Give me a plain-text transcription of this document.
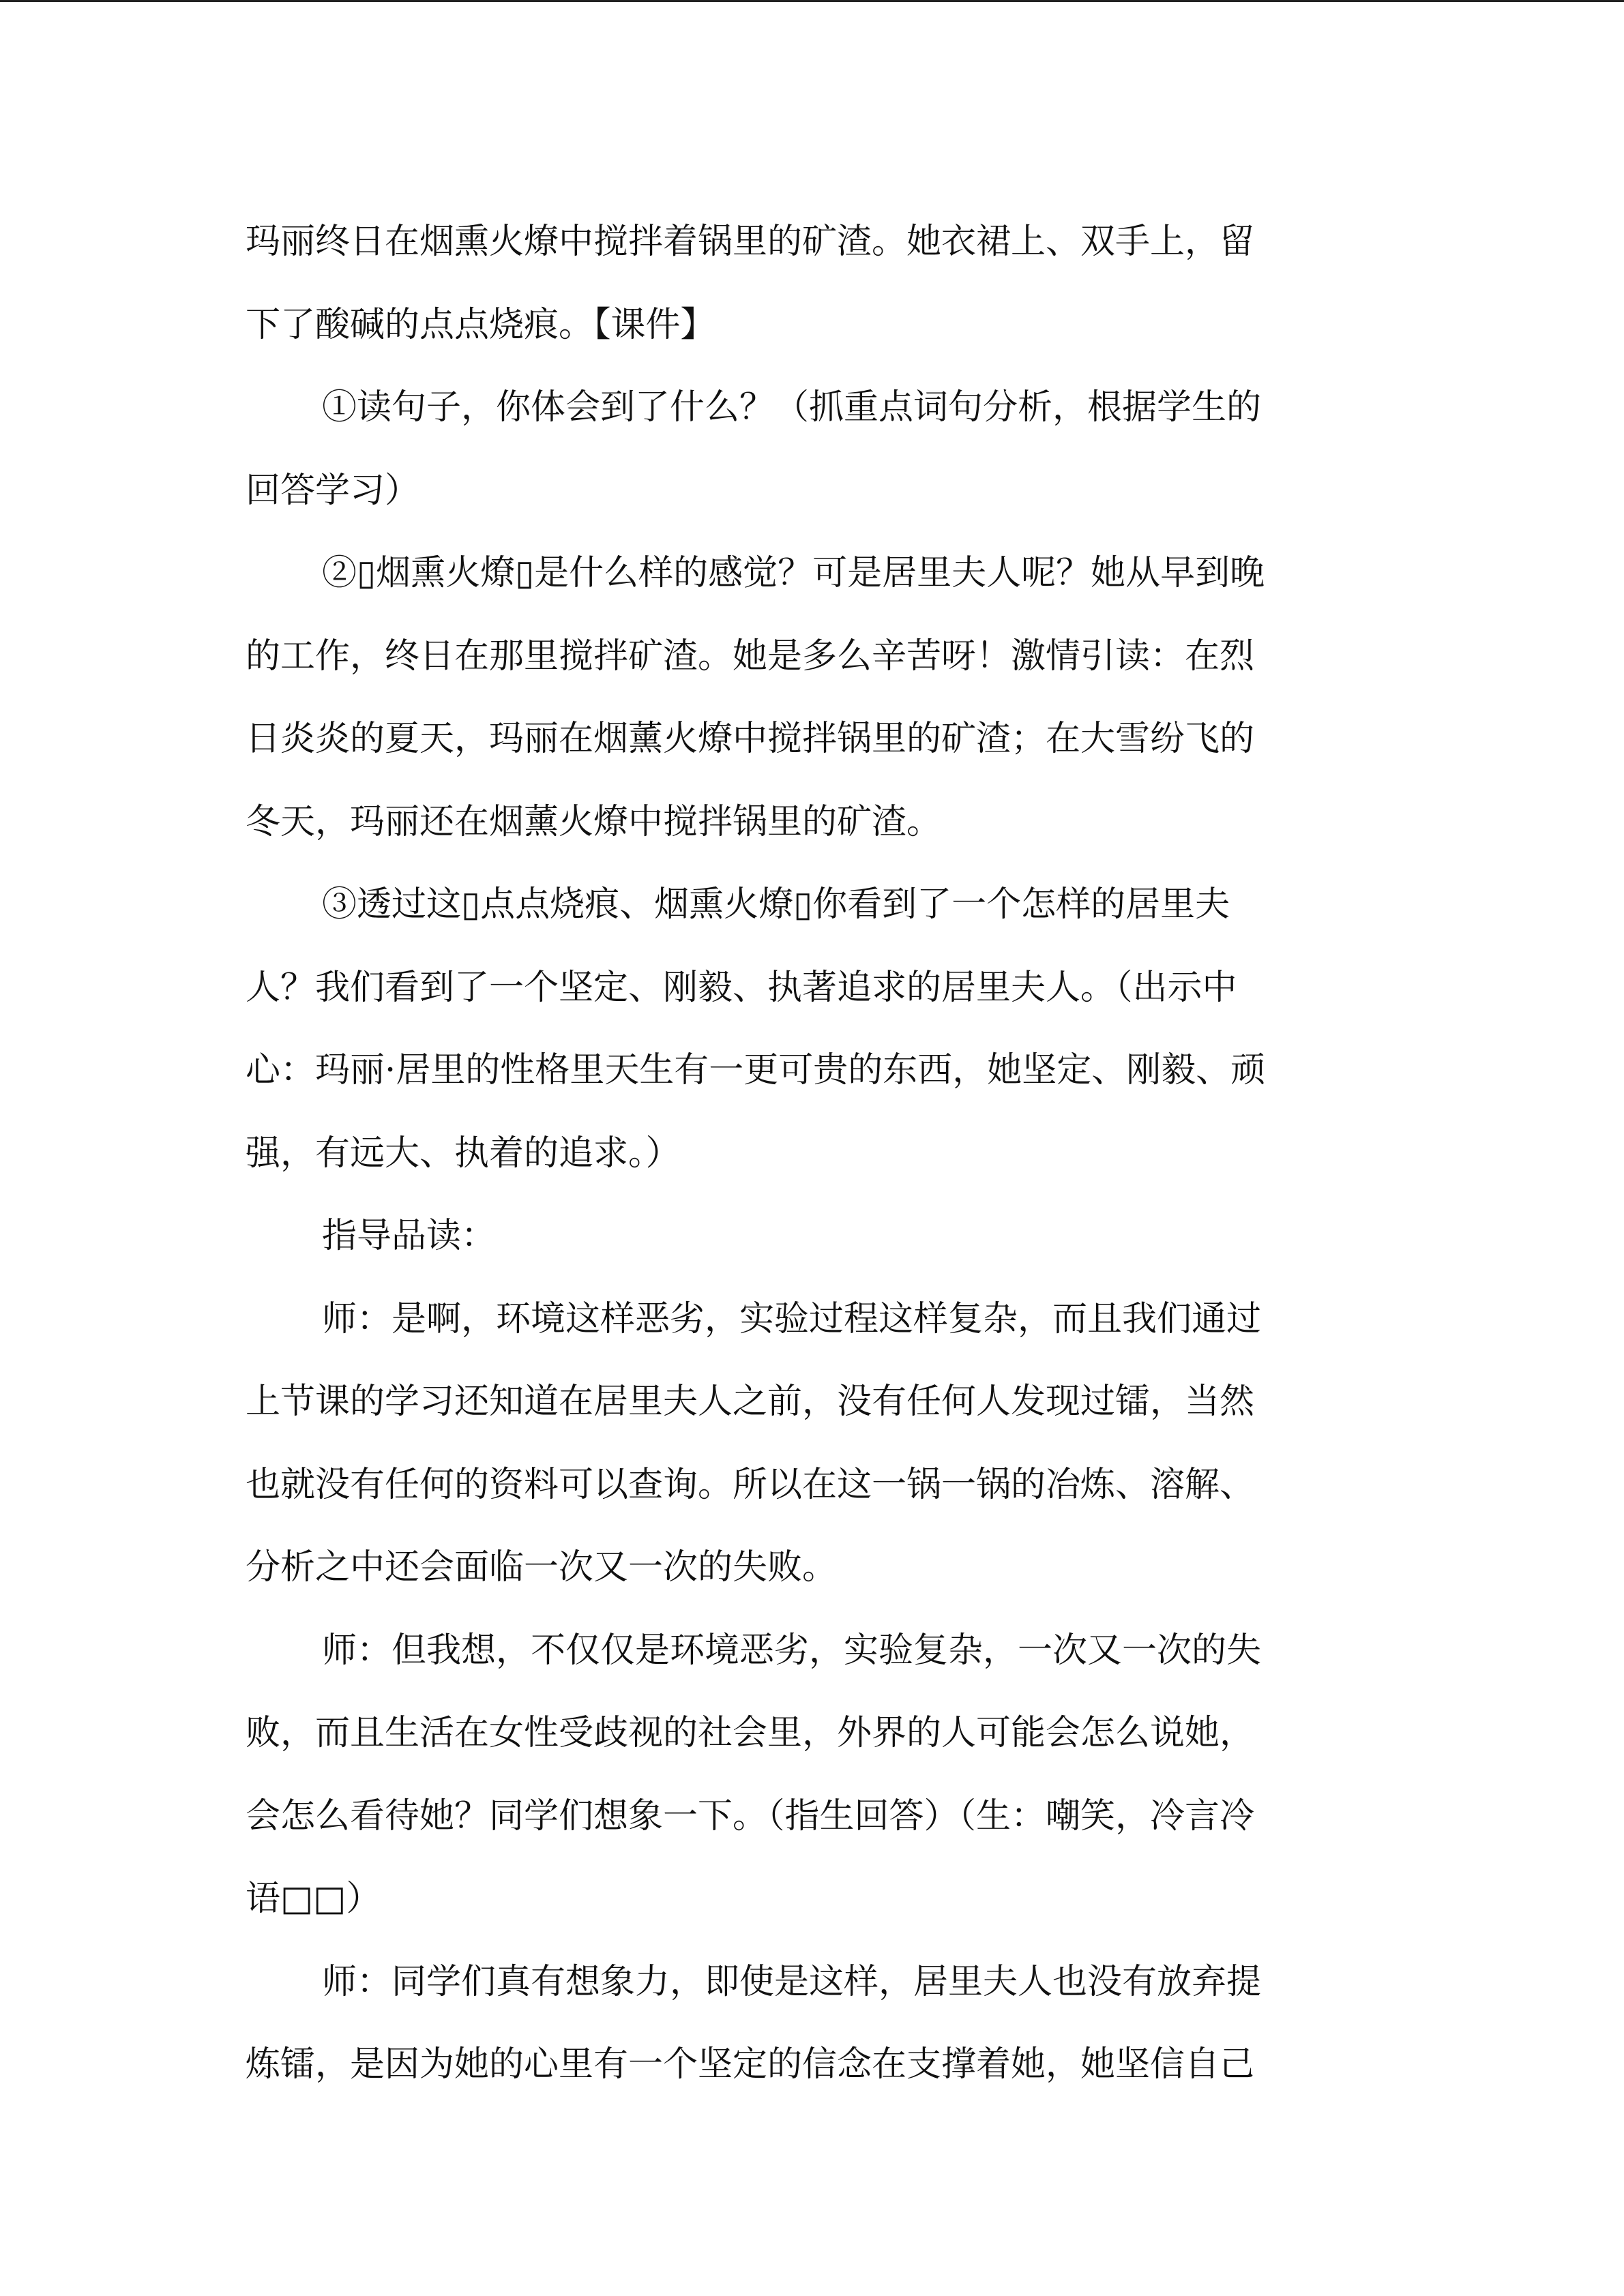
玛丽终日在烟熏火燎中搅拌着锅里的矿渣。她衣裙上、双手上，留
下了酸碱的点点烧痕。【课件】
①读句子，你体会到了什么？（抓重点词句分析，根据学生的
回答学习）
②▯烟熏火燎▯是什么样的感觉？可是居里夫人呢？她从早到晚
的工作，终日在那里搅拌矿渣。她是多么辛苦呀！激情引读：在烈
日炎炎的夏天，玛丽在烟薰火燎中搅拌锅里的矿渣；在大雪纷飞的
冬天，玛丽还在烟薰火燎中搅拌锅里的矿渣。
③透过这▯点点烧痕、烟熏火燎▯你看到了一个怎样的居里夫
人？我们看到了一个坚定、刚毅、执著追求的居里夫人。（出示中
心：玛丽·居里的性格里天生有一更可贵的东西，她坚定、刚毅、顽
强，有远大、执着的追求。）
指导品读：
师：是啊，环境这样恶劣，实验过程这样复杂，而且我们通过
上节课的学习还知道在居里夫人之前，没有任何人发现过镭，当然
也就没有任何的资料可以查询。所以在这一锅一锅的冶炼、溶解、
分析之中还会面临一次又一次的失败。
师：但我想，不仅仅是环境恶劣，实验复杂，一次又一次的失
败，而且生活在女性受歧视的社会里，外界的人可能会怎么说她，
会怎么看待她？同学们想象一下。（指生回答）（生：嘲笑，冷言冷
语□□）
师：同学们真有想象力，即使是这样，居里夫人也没有放弃提
炼镭，是因为她的心里有一个坚定的信念在支撑着她，她坚信自己
